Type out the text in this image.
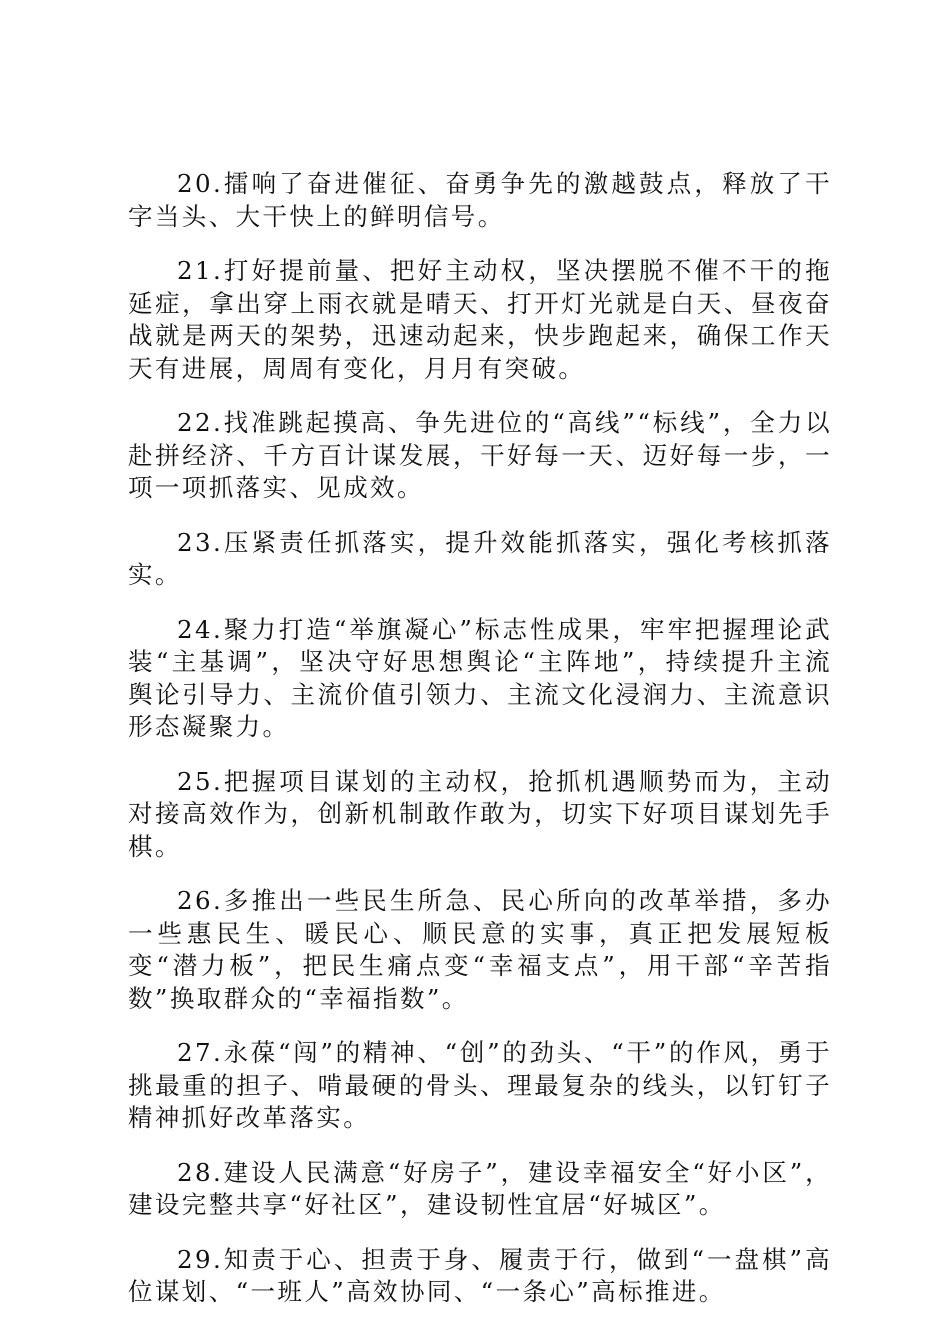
20.擂响了奋进催征、奋勇争先的激越鼓点，释放了干字当头、大干快上的鲜明信号。

21.打好提前量、把好主动权，坚决摆脱不催不干的拖延症，拿出穿上雨衣就是晴天、打开灯光就是白天、昼夜奋战就是两天的架势，迅速动起来，快步跑起来，确保工作天天有进展，周周有变化，月月有突破。

22.找准跳起摸高、争先进位的“高线”“标线”，全力以赴拼经济、千方百计谋发展，干好每一天、迈好每一步，一项一项抓落实、见成效。

23.压紧责任抓落实，提升效能抓落实，强化考核抓落实。

24.聚力打造“举旗凝心”标志性成果，牢牢把握理论武装“主基调”，坚决守好思想舆论“主阵地”，持续提升主流舆论引导力、主流价值引领力、主流文化浸润力、主流意识形态凝聚力。

25.把握项目谋划的主动权，抢抓机遇顺势而为，主动对接高效作为，创新机制敢作敢为，切实下好项目谋划先手棋。

26.多推出一些民生所急、民心所向的改革举措，多办一些惠民生、暖民心、顺民意的实事，真正把发展短板变“潜力板”，把民生痛点变“幸福支点”，用干部“辛苦指数”换取群众的“幸福指数”。

27.永葆“闯”的精神、“创”的劲头、“干”的作风，勇于挑最重的担子、啃最硬的骨头、理最复杂的线头，以钉钉子精神抓好改革落实。

28.建设人民满意“好房子”，建设幸福安全“好小区”，建设完整共享“好社区”，建设韧性宜居“好城区”。

29.知责于心、担责于身、履责于行，做到“一盘棋”高位谋划、“一班人”高效协同、“一条心”高标推进。
